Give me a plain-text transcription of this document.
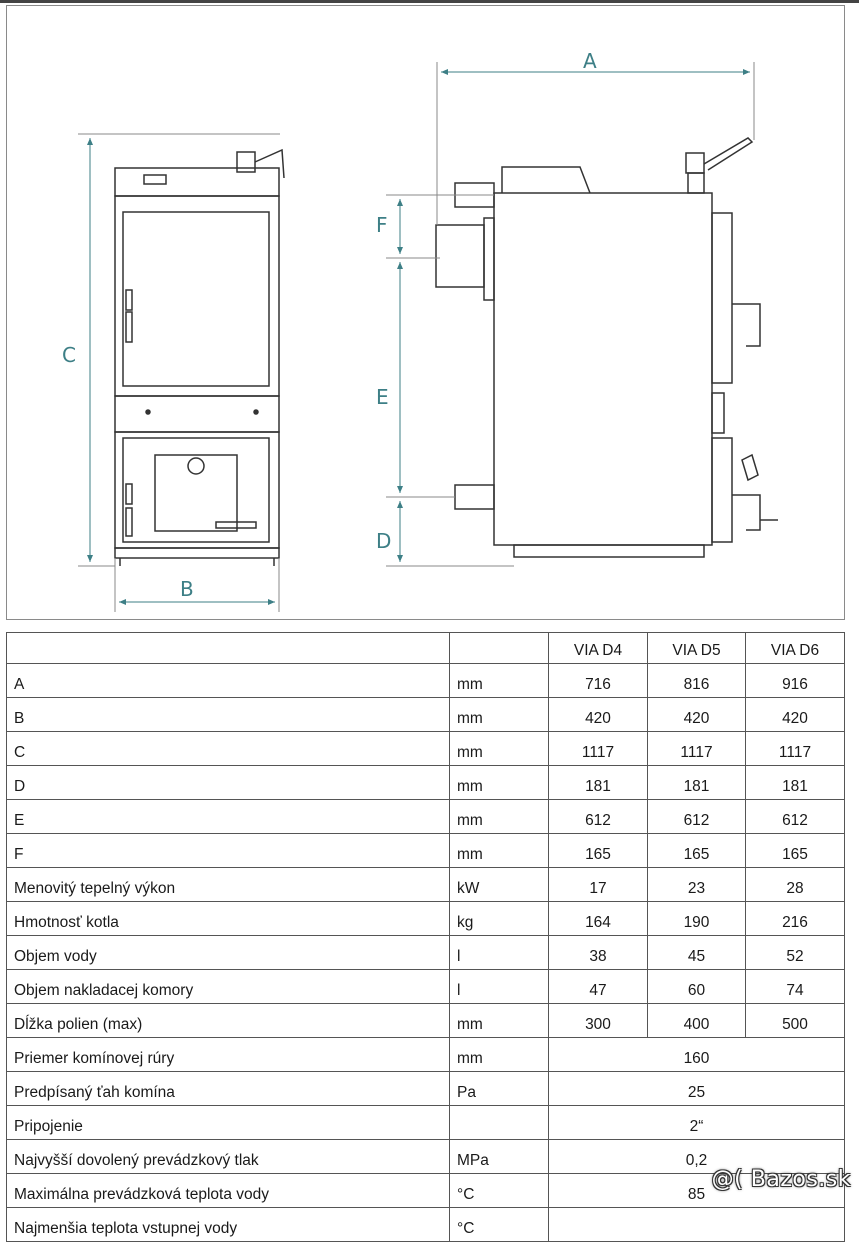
C
B
A
F
E
D
		VIA D4	VIA D5	VIA D6
A	mm	716	816	916
B	mm	420	420	420
C	mm	1117	1117	1117
D	mm	181	181	181
E	mm	612	612	612
F	mm	165	165	165
Menovitý tepelný výkon	kW	17	23	28
Hmotnosť kotla	kg	164	190	216
Objem vody	l	38	45	52
Objem nakladacej komory	l	47	60	74
Dĺžka polien (max)	mm	300	400	500
Priemer komínovej rúry	mm	160		
Predpísaný ťah komína	Pa	25		
Pripojenie		2“		
Najvyšší dovolený prevádzkový tlak	MPa	0,2		
Maximálna prevádzková teplota vody	°C	85		
Najmenšia teplota vstupnej vody	°C			
@( Bazos.sk
